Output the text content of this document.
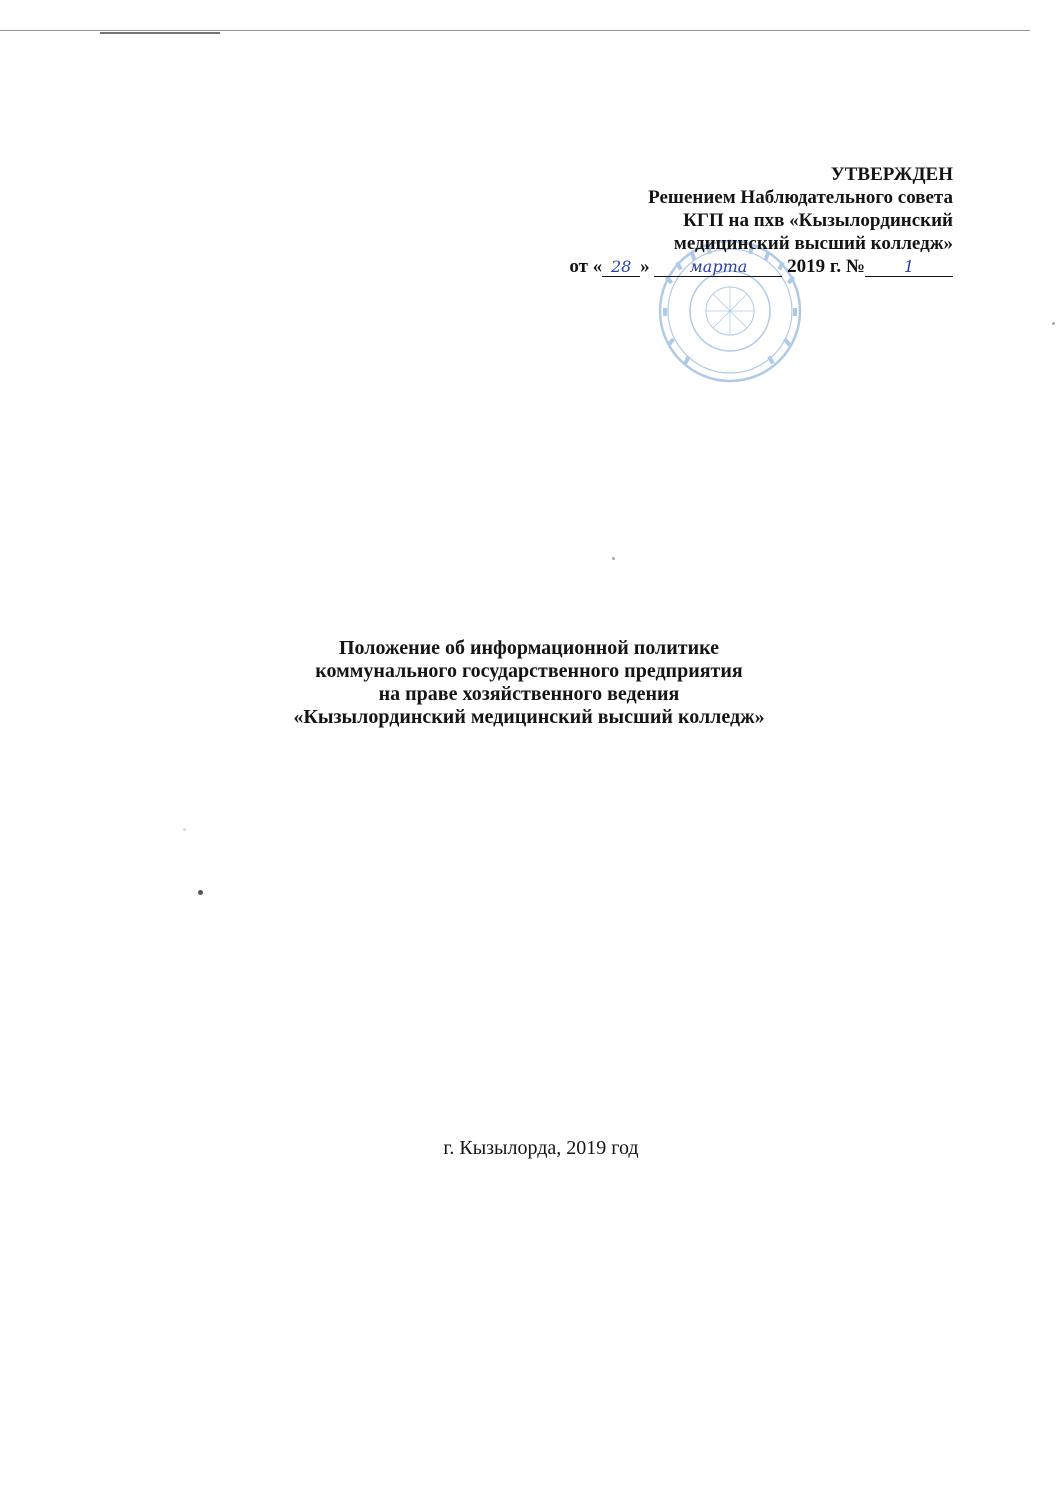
УТВЕРЖДЕН
Решением Наблюдательного совета
КГП на пхв «Кызылординский
медицинский высший колледж»
от « 28 » марта 2019 г. № 1
Положение об информационной политике
коммунального государственного предприятия
на праве хозяйственного ведения
«Кызылординский медицинский высший колледж»
г. Кызылорда, 2019 год
